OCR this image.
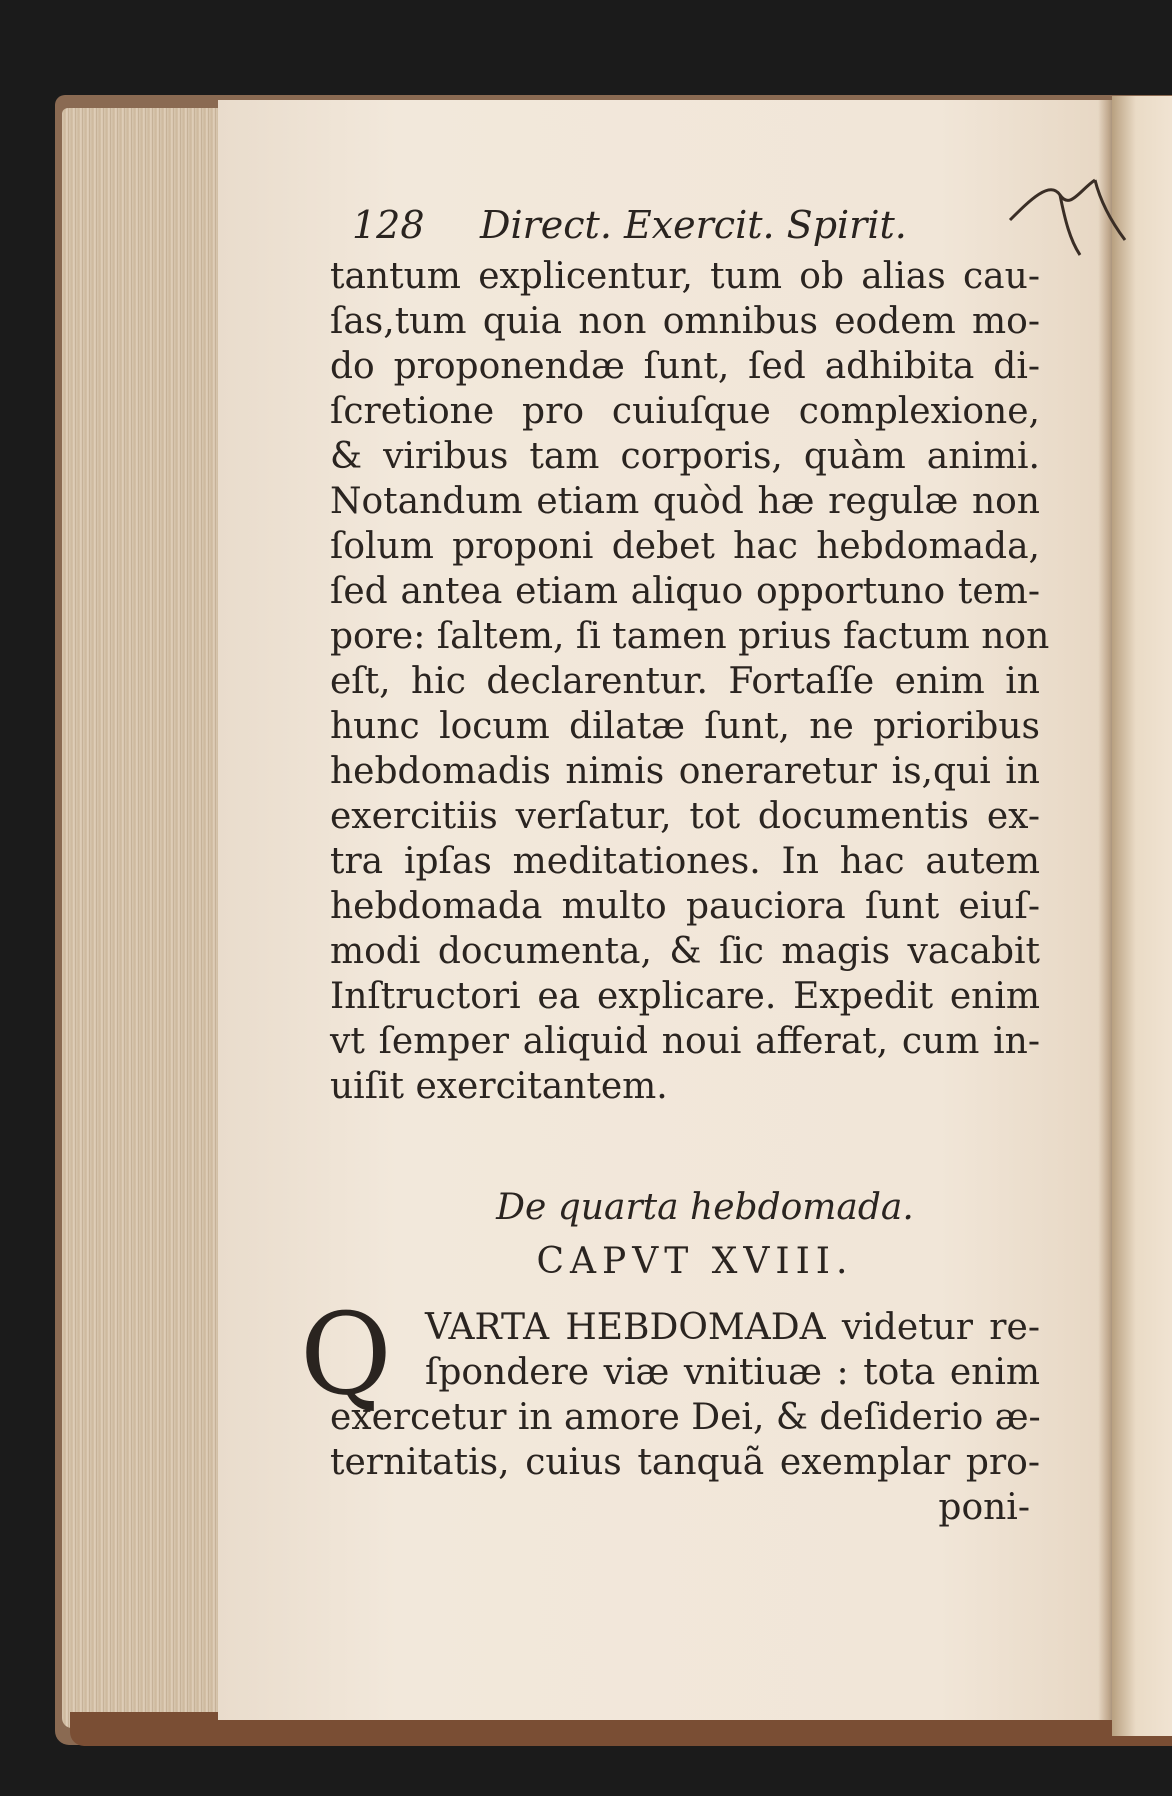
128 Direct. Exercit. Spirit.
tantum explicentur, tum ob alias cau-
ſas,tum quia non omnibus eodem mo-
do proponendæ ſunt, ſed adhibita di-
ſcretione pro cuiuſque complexione,
& viribus tam corporis, quàm animi.
Notandum etiam quòd hæ regulæ non
ſolum proponi debet hac hebdomada,
ſed antea etiam aliquo opportuno tem-
pore: ſaltem, ſi tamen prius factum non
eſt, hic declarentur. Fortaſſe enim in
hunc locum dilatæ ſunt, ne prioribus
hebdomadis nimis oneraretur is,qui in
exercitiis verſatur, tot documentis ex-
tra ipſas meditationes. In hac autem
hebdomada multo pauciora ſunt eiuſ-
modi documenta, & ſic magis vacabit
Inſtructori ea explicare. Expedit enim
vt ſemper aliquid noui afferat, cum in-
uiſit exercitantem.
De quarta hebdomada.
CAPVT XVIII.
Q VARTA HEBDOMADA videtur re-
ſpondere viæ vnitiuæ : tota enim
exercetur in amore Dei, & deſiderio æ-
ternitatis, cuius tanquã exemplar pro-
poni-
